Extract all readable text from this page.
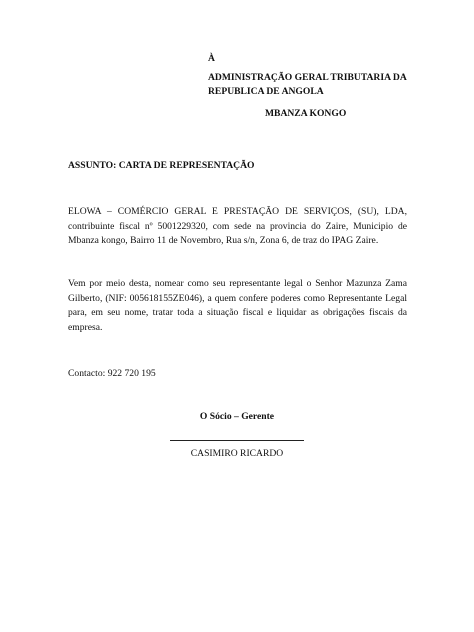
À
ADMINISTRAÇÃO GERAL TRIBUTARIA DA
REPUBLICA DE ANGOLA
MBANZA KONGO
ASSUNTO: CARTA DE REPRESENTAÇÃO

ELOWA – COMÉRCIO GERAL E PRESTAÇÃO DE SERVIÇOS, (SU), LDA, contribuinte fiscal nº 5001229320, com sede na provincia do Zaire, Municipio de Mbanza kongo, Bairro 11 de Novembro, Rua s/n, Zona 6, de traz do IPAG Zaire.

Vem por meio desta, nomear como seu representante legal o Senhor Mazunza Zama Gilberto, (NIF: 005618155ZE046), a quem confere poderes como Representante Legal para, em seu nome, tratar toda a situação fiscal e liquidar as obrigações fiscais da empresa.

Contacto: 922 720 195
O Sócio – Gerente
CASIMIRO RICARDO
